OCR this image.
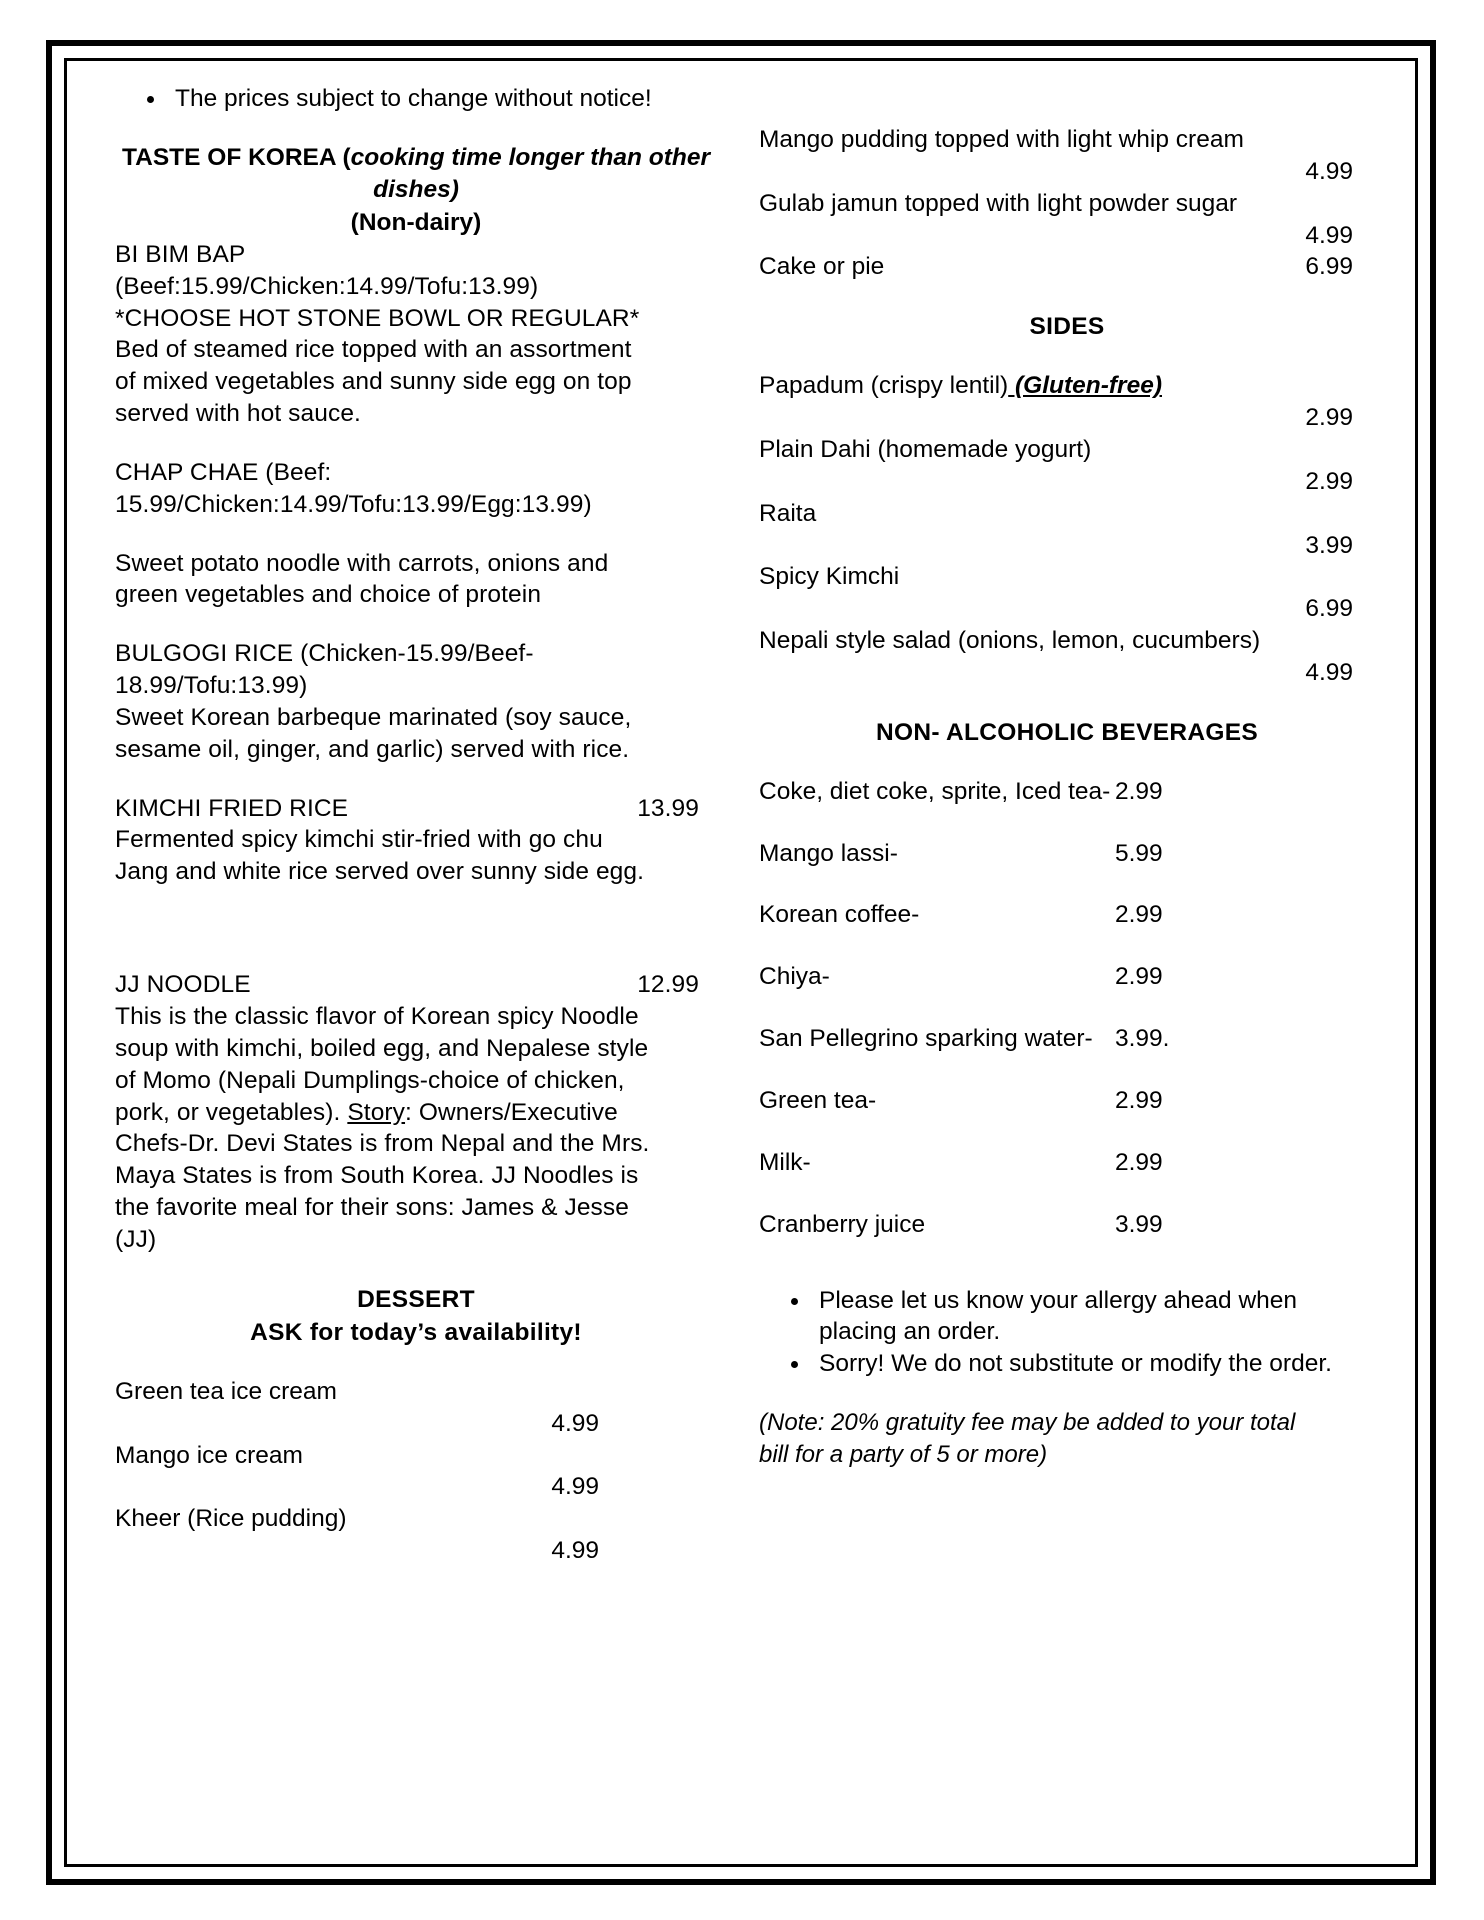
• The prices subject to change without notice!
TASTE OF KOREA (cooking time longer than other dishes)
(Non-dairy)

BI BIM BAP

(Beef:15.99/Chicken:14.99/Tofu:13.99)

*CHOOSE HOT STONE BOWL OR REGULAR*

Bed of steamed rice topped with an assortment

of mixed vegetables and sunny side egg on top

served with hot sauce.

CHAP CHAE (Beef:

15.99/Chicken:14.99/Tofu:13.99/Egg:13.99)

Sweet potato noodle with carrots, onions and

green vegetables and choice of protein

BULGOGI RICE (Chicken-15.99/Beef-

18.99/Tofu:13.99)

Sweet Korean barbeque marinated (soy sauce,

sesame oil, ginger, and garlic) served with rice.

KIMCHI FRIED RICE	13.99

Fermented spicy kimchi stir-fried with go chu

Jang and white rice served over sunny side egg.

JJ NOODLE	12.99

This is the classic flavor of Korean spicy Noodle

soup with kimchi, boiled egg, and Nepalese style

of Momo (Nepali Dumplings-choice of chicken,

pork, or vegetables). Story: Owners/Executive

Chefs-Dr. Devi States is from Nepal and the Mrs.

Maya States is from South Korea. JJ Noodles is

the favorite meal for their sons: James & Jesse

(JJ)

DESSERT
ASK for today’s availability!

Green tea ice cream

4.99

Mango ice cream

4.99

Kheer (Rice pudding)

4.99

Mango pudding topped with light whip cream

4.99

Gulab jamun topped with light powder sugar

4.99
Cake or pie	6.99
SIDES

Papadum (crispy lentil) (Gluten-free)

2.99

Plain Dahi (homemade yogurt)

2.99

Raita

3.99

Spicy Kimchi

6.99

Nepali style salad (onions, lemon, cucumbers)

4.99
NON- ALCOHOLIC BEVERAGES
Coke, diet coke, sprite, Iced tea- 2.99
Mango lassi-	5.99
Korean coffee-	2.99
Chiya-	2.99
San Pellegrino sparking water- 3.99.
Green tea-	2.99
Milk-	2.99
Cranberry juice	3.99
• Please let us know your allergy ahead when placing an order.
• Sorry! We do not substitute or modify the order.

(Note: 20% gratuity fee may be added to your total

bill for a party of 5 or more)
